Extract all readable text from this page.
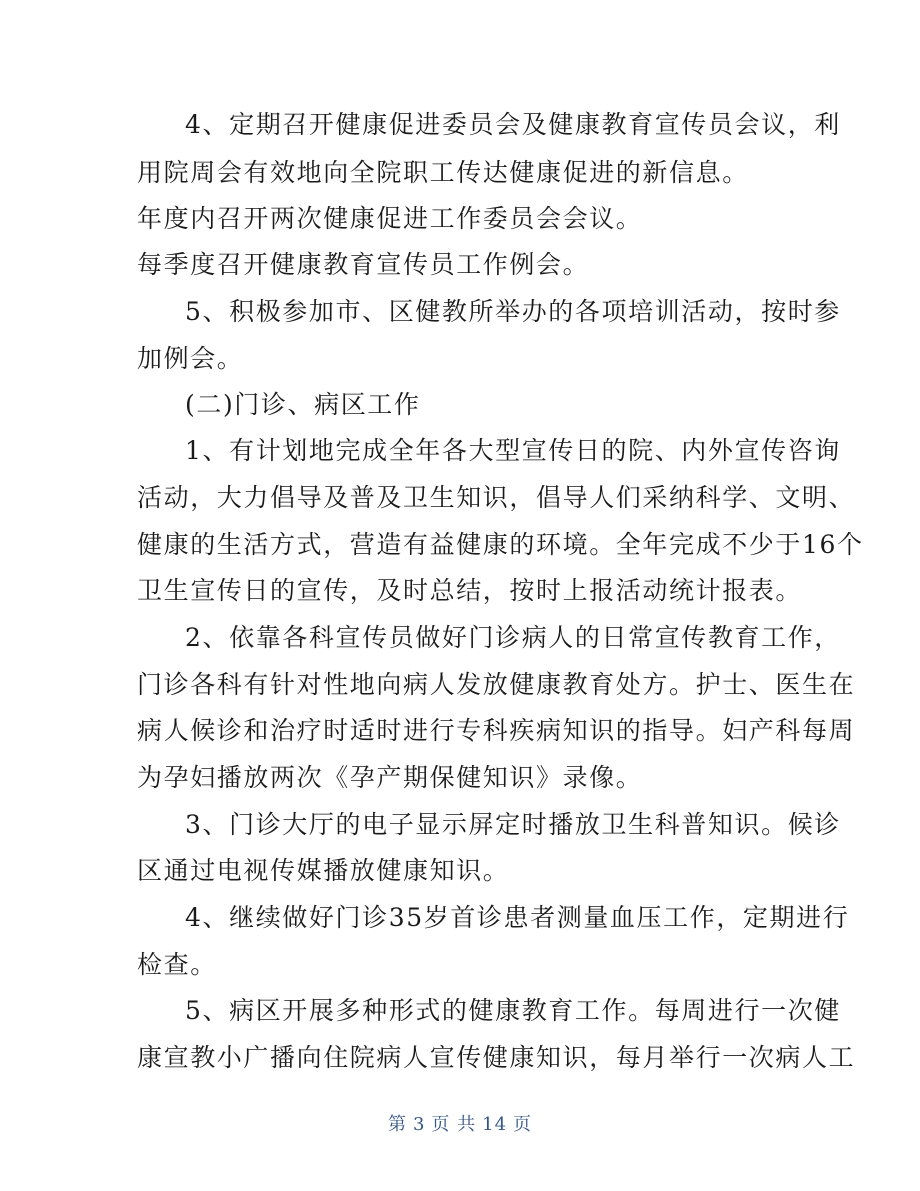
4、定期召开健康促进委员会及健康教育宣传员会议，利
用院周会有效地向全院职工传达健康促进的新信息。
年度内召开两次健康促进工作委员会会议。
每季度召开健康教育宣传员工作例会。
5、积极参加市、区健教所举办的各项培训活动，按时参
加例会。
(二)门诊、病区工作
1、有计划地完成全年各大型宣传日的院、内外宣传咨询
活动，大力倡导及普及卫生知识，倡导人们采纳科学、文明、
健康的生活方式，营造有益健康的环境。全年完成不少于16个
卫生宣传日的宣传，及时总结，按时上报活动统计报表。
2、依靠各科宣传员做好门诊病人的日常宣传教育工作，
门诊各科有针对性地向病人发放健康教育处方。护士、医生在
病人候诊和治疗时适时进行专科疾病知识的指导。妇产科每周
为孕妇播放两次《孕产期保健知识》录像。
3、门诊大厅的电子显示屏定时播放卫生科普知识。候诊
区通过电视传媒播放健康知识。
4、继续做好门诊35岁首诊患者测量血压工作，定期进行
检查。
5、病区开展多种形式的健康教育工作。每周进行一次健
康宣教小广播向住院病人宣传健康知识，每月举行一次病人工
第 3 页 共 14 页
